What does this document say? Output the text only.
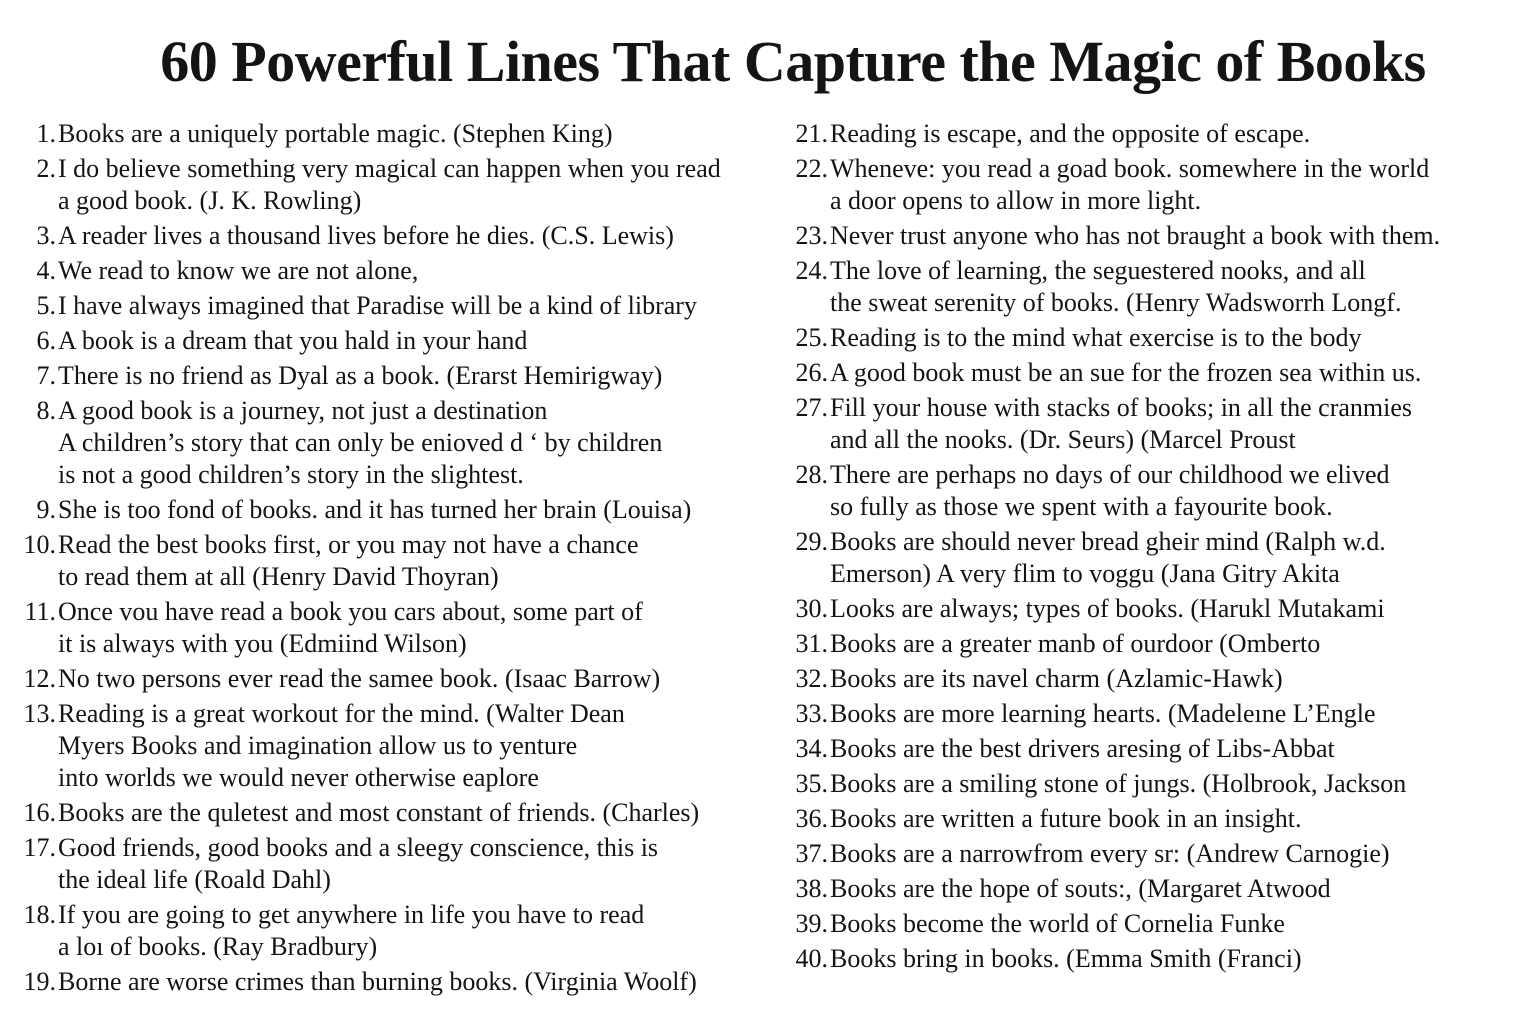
60 Powerful Lines That Capture the Magic of Books
1. Books are a uniquely portable magic. (Stephen King)
2. I do believe something very magical can happen when you read
a good book. (J. K. Rowling)
3. A reader lives a thousand lives before he dies. (C.S. Lewis)
4. We read to know we are not alone,
5. I have always imagined that Paradise will be a kind of library
6. A book is a dream that you hald in your hand
7. There is no friend as Dyal as a book. (Erarst Hemirigway)
8. A good book is a journey, not just a destination
A children’s story that can only be enioved d ‘ by children
is not a good children’s story in the slightest.
9. She is too fond of books. and it has turned her brain (Louisa)
10. Read the best books first, or you may not have a chance
to read them at all (Henry David Thoyran)
11. Once vou have read a book you cars about, some part of
it is always with you (Edmiind Wilson)
12. No two persons ever read the samee book. (Isaac Barrow)
13. Reading is a great workout for the mind. (Walter Dean
Myers Books and imagination allow us to yenture
into worlds we would never otherwise eaplore
16. Books are the quletest and most constant of friends. (Charles)
17. Good friends, good books and a sleegy conscience, this is
the ideal life (Roald Dahl)
18. If you are going to get anywhere in life you have to read
a loı of books. (Ray Bradbury)
19. Borne are worse crimes than burning books. (Virginia Woolf)
21. Reading is escape, and the opposite of escape.
22. Wheneve: you read a goad book. somewhere in the world
a door opens to allow in more light.
23. Never trust anyone who has not braught a book with them.
24. The love of learning, the seguestered nooks, and all
the sweat serenity of books. (Henry Wadsworrh Longf.
25. Reading is to the mind what exercise is to the body
26. A good book must be an sue for the frozen sea within us.
27. Fill your house with stacks of books; in all the cranmies
and all the nooks. (Dr. Seurs) (Marcel Proust
28. There are perhaps no days of our childhood we elived
so fully as those we spent with a fayourite book.
29. Books are should never bread gheir mind (Ralph w.d.
Emerson) A very flim to voggu (Jana Gitry Akita
30. Looks are always; types of books. (Harukl Mutakami
31. Books are a greater manb of ourdoor (Omberto
32. Books are its navel charm (Azlamic-Hawk)
33. Books are more learning hearts. (Madeleıne L’Engle
34. Books are the best drivers aresing of Libs-Abbat
35. Books are a smiling stone of jungs. (Holbrook, Jackson
36. Books are written a future book in an insight.
37. Books are a narrowfrom every sr: (Andrew Carnogie)
38. Books are the hope of souts:, (Margaret Atwood
39. Books become the world of Cornelia Funke
40. Books bring in books. (Emma Smith (Franci)
